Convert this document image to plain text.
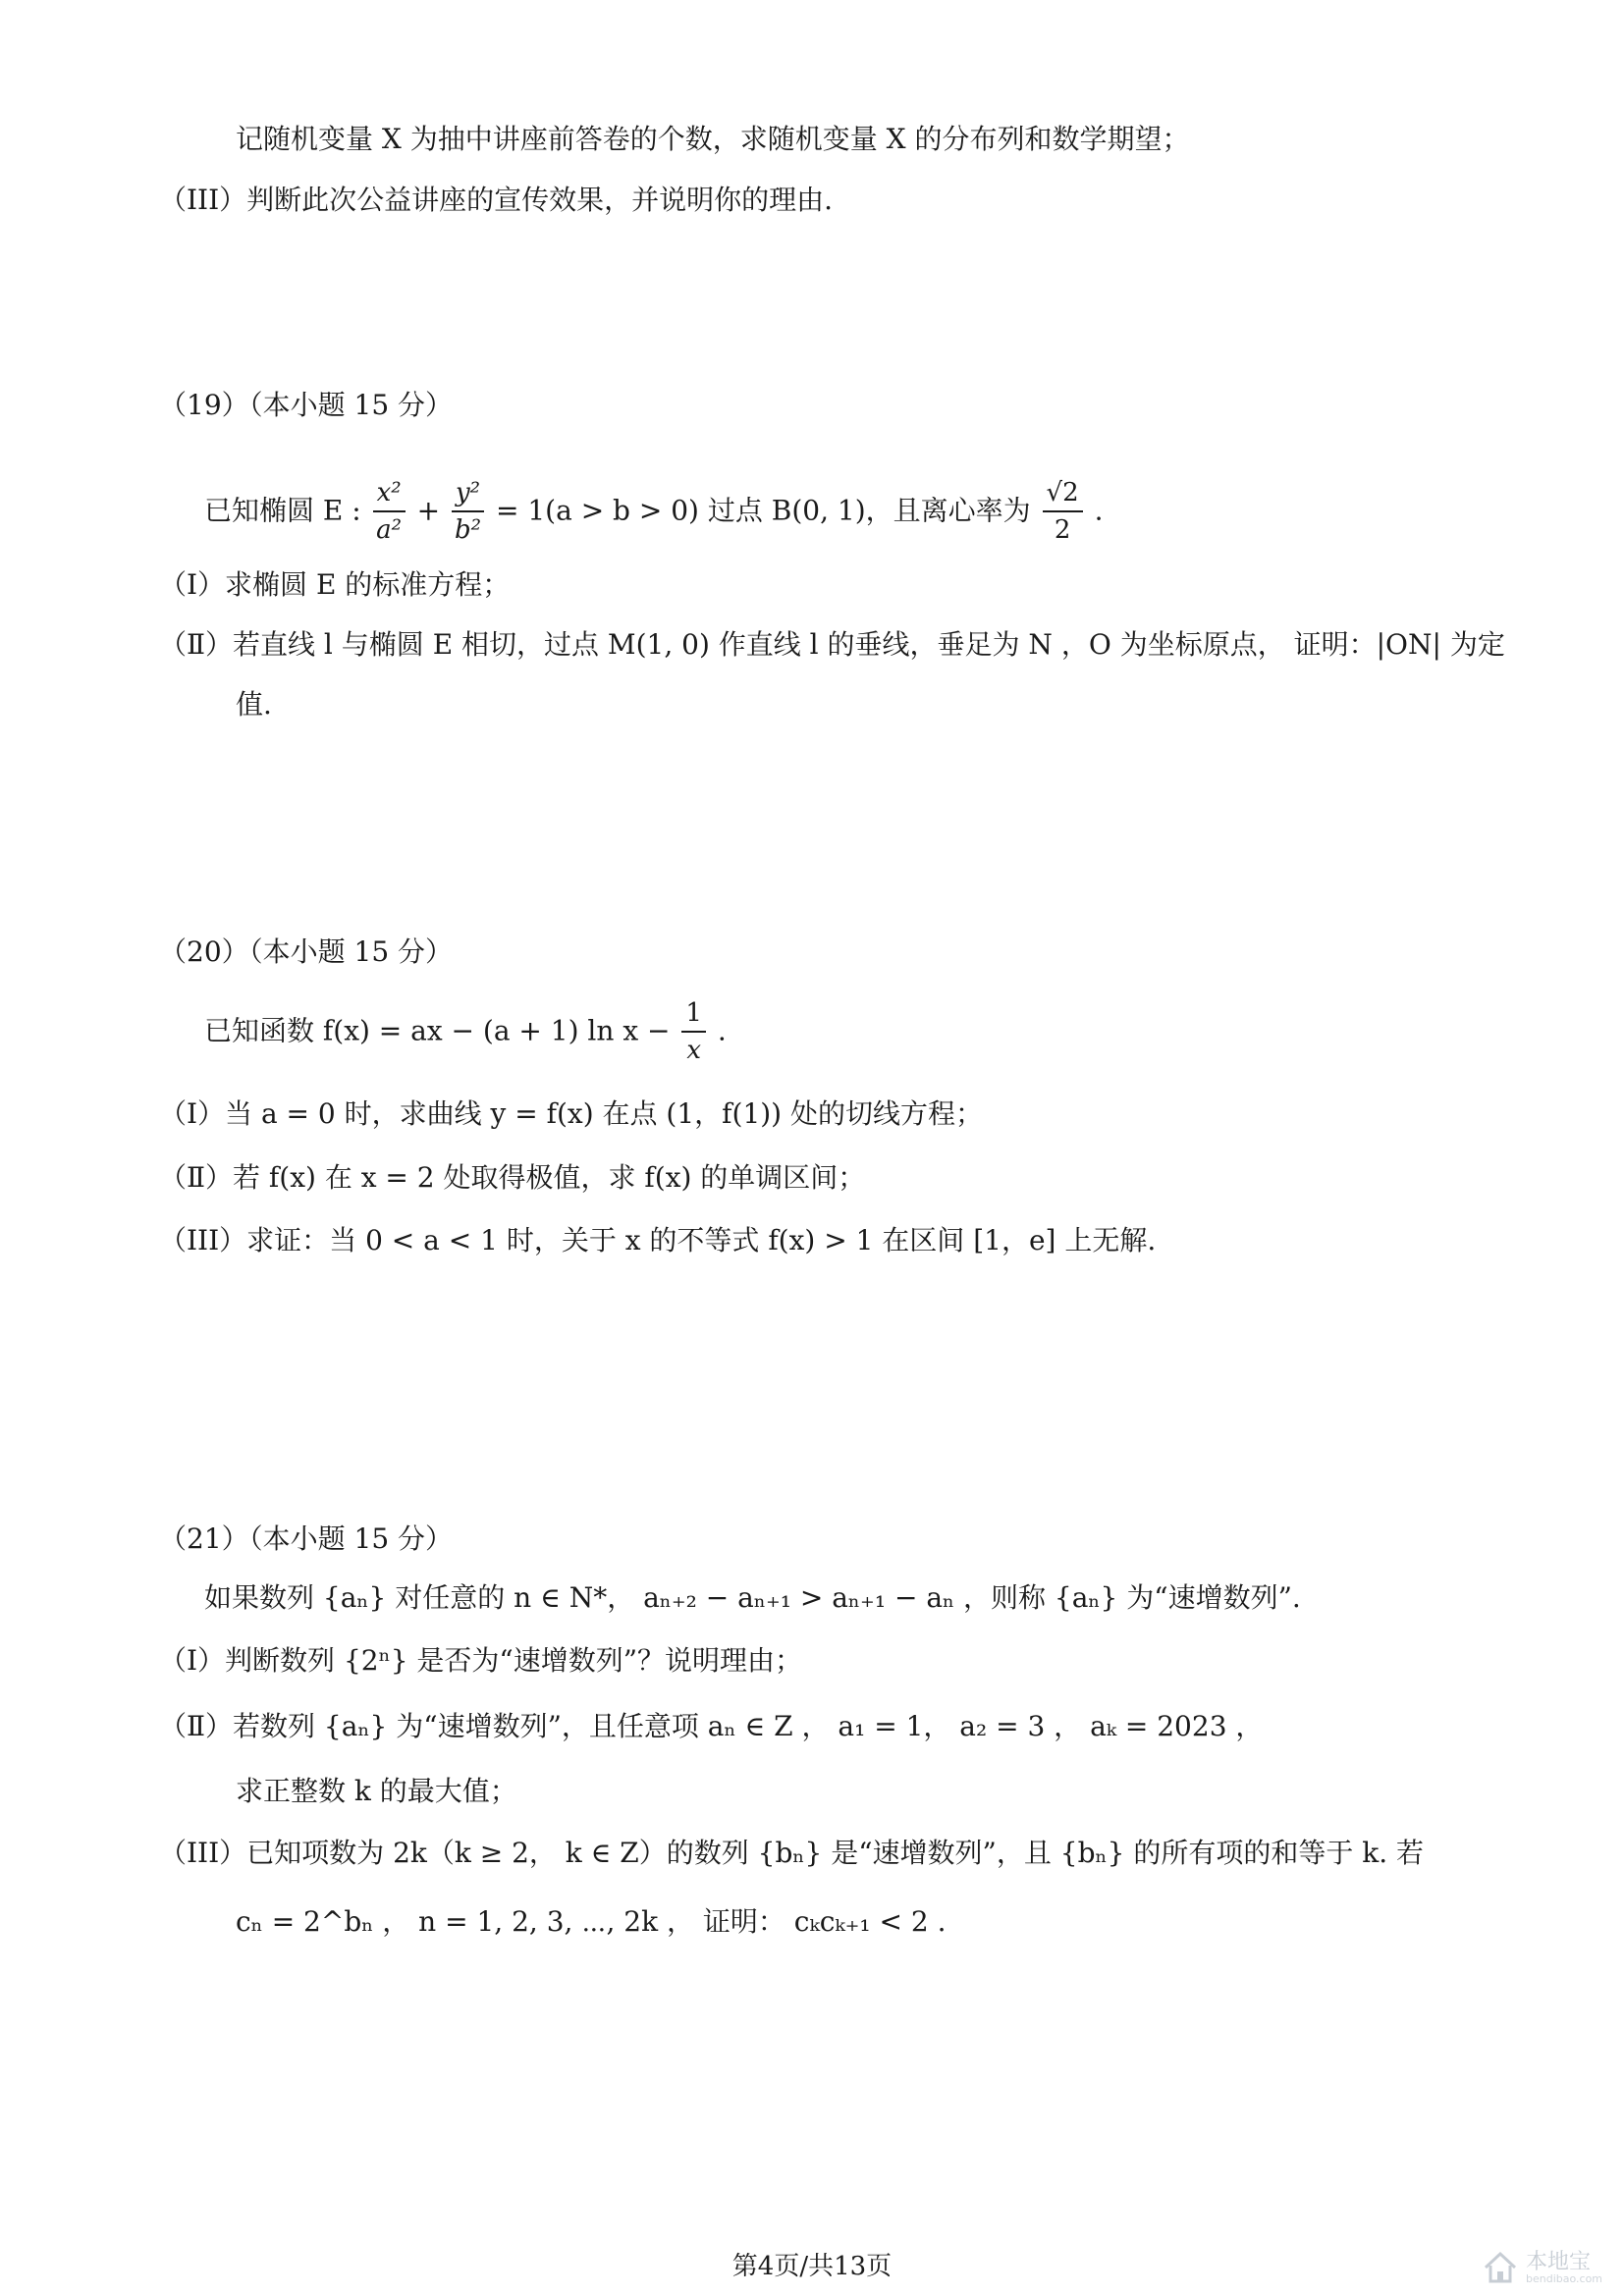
记随机变量 X 为抽中讲座前答卷的个数，求随机变量 X 的分布列和数学期望；
（III）判断此次公益讲座的宣传效果，并说明你的理由.
（19）（本小题 15 分）
已知椭圆 E : $\frac{\text{x²}}{\text{a²}} + \frac{\text{y²}}{\text{b²}} = 1(a > b > 0)$ 过点 B(0, 1)，且离心率为 $\frac{√2}{2}$ .
（Ⅰ）求椭圆 E 的标准方程；
（Ⅱ）若直线 l 与椭圆 E 相切，过点 M(1, 0) 作直线 l 的垂线，垂足为 N ，O 为坐标原点， 证明：|ON| 为定
值.
（20）（本小题 15 分）
已知函数 f(x) = ax − (a + 1) $\ln x - \frac{1}{x}$ .
（Ⅰ）当 a = 0 时，求曲线 y = f(x) 在点 (1，f(1)) 处的切线方程；
（Ⅱ）若 f(x) 在 x = 2 处取得极值，求 f(x) 的单调区间；
（III）求证：当 0 < a < 1 时，关于 x 的不等式 f(x) > 1 在区间 [1，e] 上无解.
（21）（本小题 15 分）
如果数列 {aₙ} 对任意的 n ∈ N*， aₙ₊₂ − aₙ₊₁ > aₙ₊₁ − aₙ ，则称 {aₙ} 为“速增数列”.
（Ⅰ）判断数列 {2ⁿ} 是否为“速增数列”？说明理由；
（Ⅱ）若数列 {aₙ} 为“速增数列”，且任意项 aₙ ∈ Z ， a₁ = 1， a₂ = 3 ， aₖ = 2023 ，
求正整数 k 的最大值；
（III）已知项数为 2k（k ≥ 2， k ∈ Z）的数列 {bₙ} 是“速增数列”，且 {bₙ} 的所有项的和等于 k. 若
cₙ = 2^bₙ ， n = 1, 2, 3, ⋯, 2k ， 证明： cₖcₖ₊₁ < 2 .
第4页/共13页	本地宝
bendibao.com
